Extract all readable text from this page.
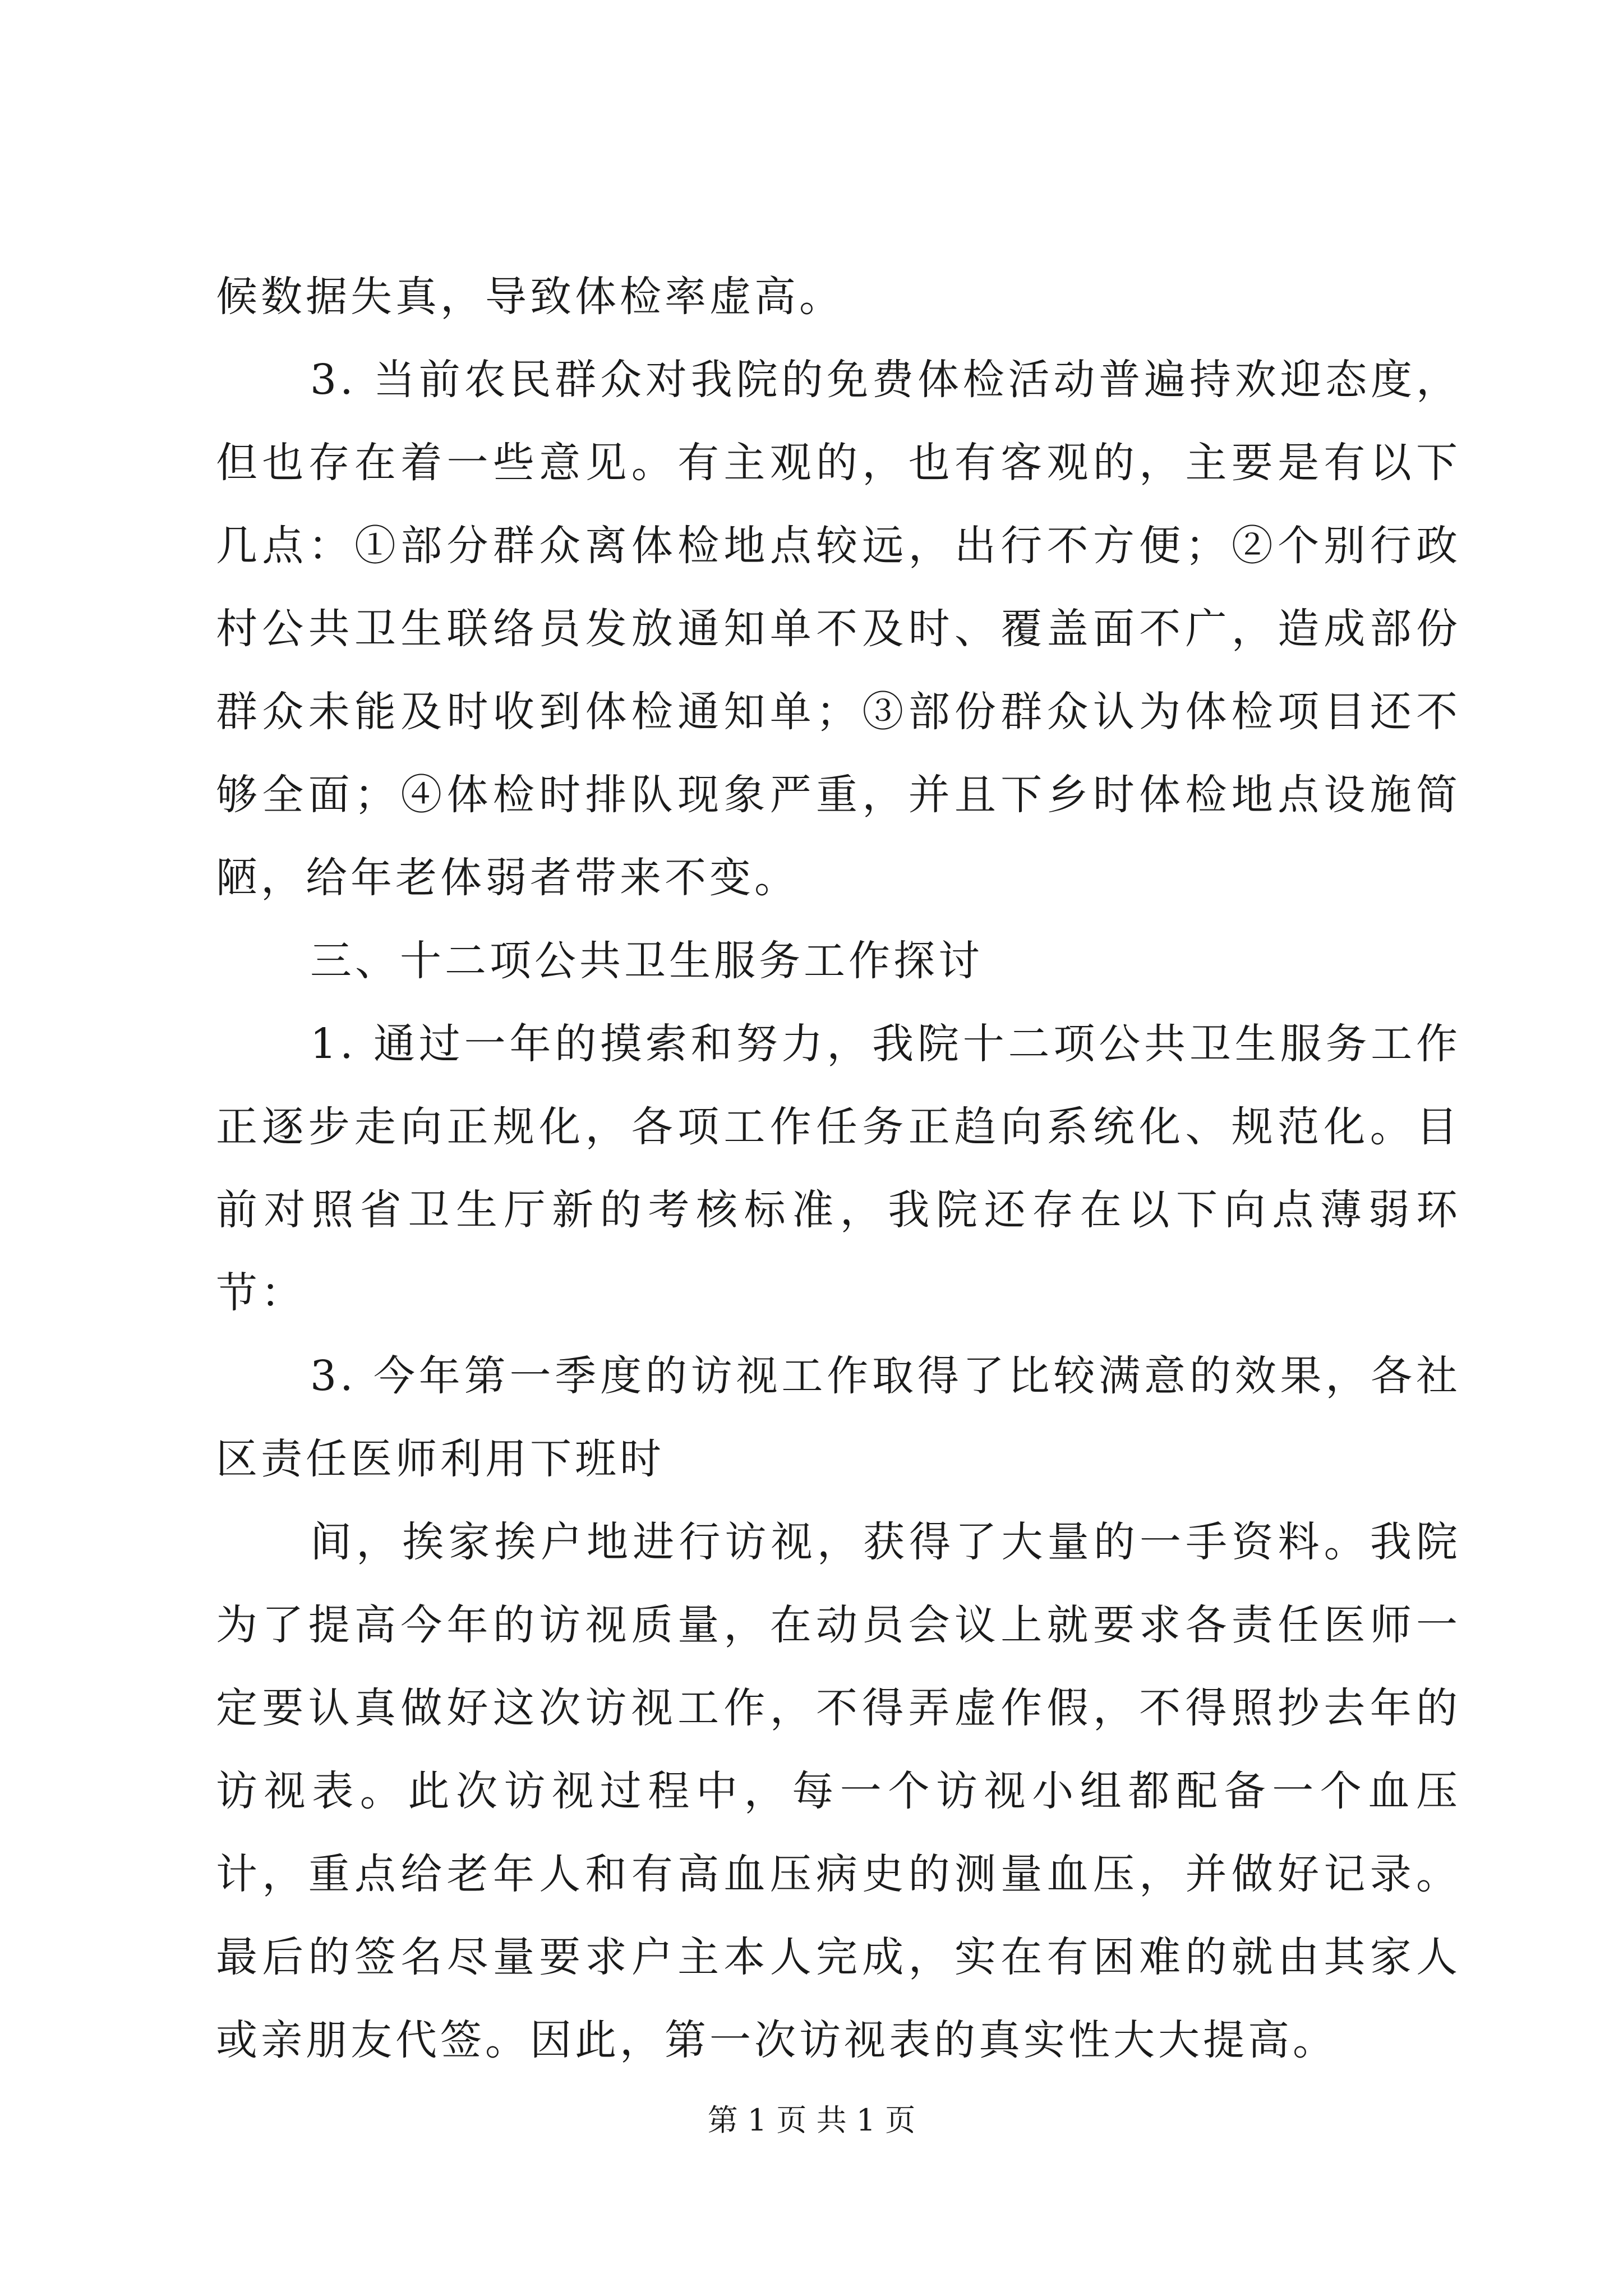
候数据失真，导致体检率虚高。

3. 当前农民群众对我院的免费体检活动普遍持欢迎态度，但也存在着一些意见。有主观的，也有客观的，主要是有以下几点：①部分群众离体检地点较远，出行不方便；②个别行政村公共卫生联络员发放通知单不及时、覆盖面不广，造成部份群众未能及时收到体检通知单；③部份群众认为体检项目还不够全面；④体检时排队现象严重，并且下乡时体检地点设施简陋，给年老体弱者带来不变。

三、十二项公共卫生服务工作探讨

1. 通过一年的摸索和努力，我院十二项公共卫生服务工作正逐步走向正规化，各项工作任务正趋向系统化、规范化。目前对照省卫生厅新的考核标准，我院还存在以下向点薄弱环节：

3. 今年第一季度的访视工作取得了比较满意的效果，各社区责任医师利用下班时

间，挨家挨户地进行访视，获得了大量的一手资料。我院为了提高今年的访视质量，在动员会议上就要求各责任医师一定要认真做好这次访视工作，不得弄虚作假，不得照抄去年的访视表。此次访视过程中，每一个访视小组都配备一个血压计，重点给老年人和有高血压病史的测量血压，并做好记录。最后的签名尽量要求户主本人完成，实在有困难的就由其家人或亲朋友代签。因此，第一次访视表的真实性大大提高。

第 1 页 共 1 页
